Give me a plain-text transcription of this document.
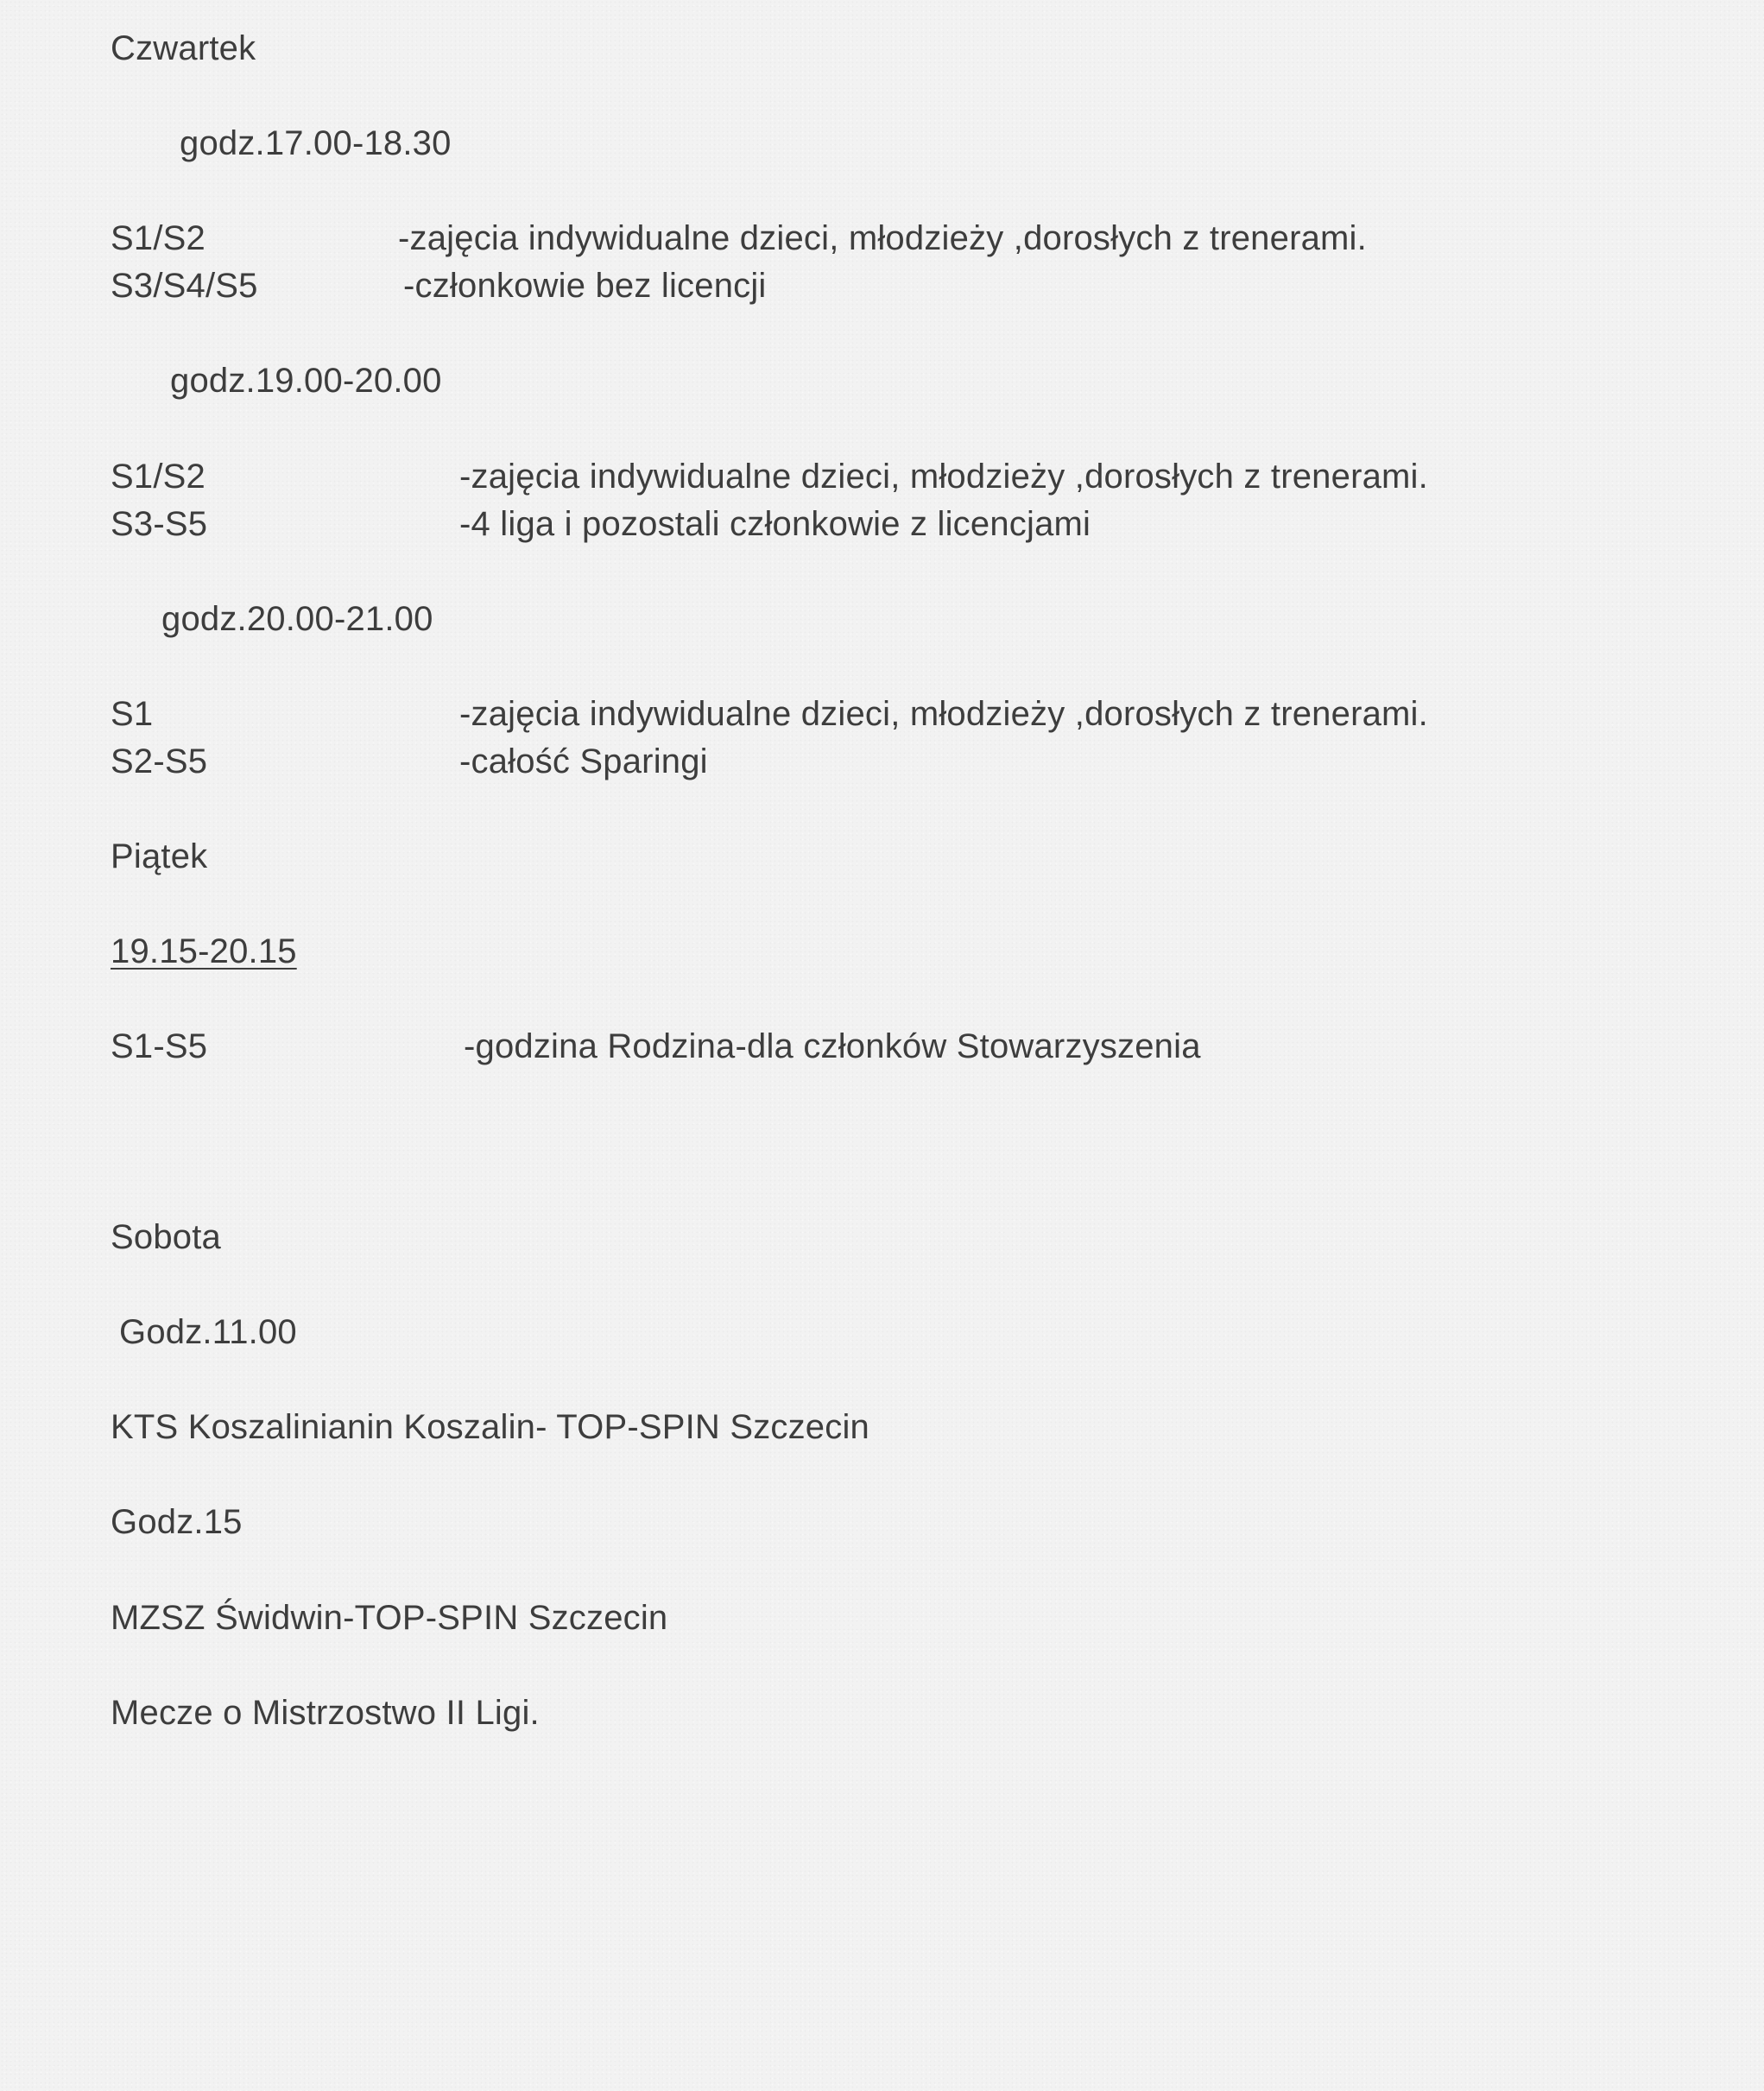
Czwartek
godz.17.00-18.30
S1/S2	-zajęcia indywidualne dzieci, młodzieży ,dorosłych z trenerami.
S3/S4/S5	-członkowie bez licencji
godz.19.00-20.00
S1/S2	-zajęcia indywidualne dzieci, młodzieży ,dorosłych z trenerami.
S3-S5	-4 liga i pozostali członkowie z licencjami
godz.20.00-21.00
S1	-zajęcia indywidualne dzieci, młodzieży ,dorosłych z trenerami.
S2-S5	-całość Sparingi
Piątek
19.15-20.15
S1-S5	-godzina Rodzina-dla członków Stowarzyszenia
Sobota
Godz.11.00
KTS Koszalinianin Koszalin- TOP-SPIN Szczecin
Godz.15
MZSZ Świdwin-TOP-SPIN Szczecin
Mecze o Mistrzostwo II Ligi.
